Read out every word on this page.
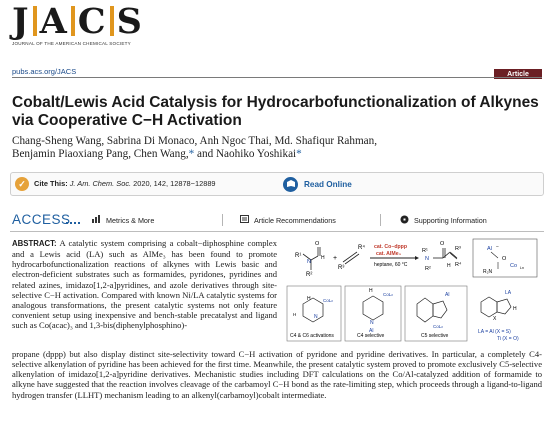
J A C S
JOURNAL OF THE AMERICAN CHEMICAL SOCIETY
pubs.acs.org/JACS	Article
Cobalt/Lewis Acid Catalysis for Hydrocarbofunctionalization of Alkynes via Cooperative C−H Activation
Chang-Sheng Wang, Sabrina Di Monaco, Anh Ngoc Thai, Md. Shafiqur Rahman,
Benjamin Piaoxiang Pang, Chen Wang,* and Naohiko Yoshikai*
✓	Cite This: J. Am. Chem. Soc. 2020, 142, 12878−12889	Read Online
ACCESS	Metrics & More	Article Recommendations	Supporting Information
ABSTRACT: A catalytic system comprising a cobalt−diphosphine complex and a Lewis acid (LA) such as AlMe₃ has been found to promote hydrocarbofunctionalization reactions of alkynes with Lewis basic and electron-deficient substrates such as formamides, pyridones, pyridines and related azines, imidazo[1,2-a]pyridines, and azole derivatives through site-selective C−H activation. Compared with known Ni/LA catalytic systems for analogous transformations, the present catalytic systems not only feature convenient setup using inexpensive and bench-stable precatalyst and ligand such as Co(acac)₃ and 1,3-bis(diphenylphosphino)-
propane (dppp) but also display distinct site-selectivity toward C−H activation of pyridone and pyridine derivatives. In particular, a completely C4-selective alkenylation of pyridine has been achieved for the first time. Meanwhile, the present catalytic system proved to promote exclusively C5-selective alkenylation of imidazo[1,2-a]pyridine derivatives. Mechanistic studies including DFT calculations on the Co/Al-catalyzed addition of formamide to alkyne have suggested that the reaction involves cleavage of the carbamoyl C−H bond as the rate-limiting step, which proceeds through a ligand-to-ligand hydrogen transfer (LLHT) mechanism leading to an alkenyl(carbamoyl)cobalt intermediate.
R¹
R²
O
N
H +
R⁴
R³
cat. Co−dppp
cat. AlMe₃
heptane, 60 °C
R¹
N
R²
O
R³
R⁴
H
Al −
O
R₂N
Co Ln
H
N
CoLₙ
H
C4 & C6 activations
H
CoLₙ
N
Al
C4 selective
Al
CoLₙ
C5 selective
LA
H
X
LA = Al (X = S)
Ti (X = O)
